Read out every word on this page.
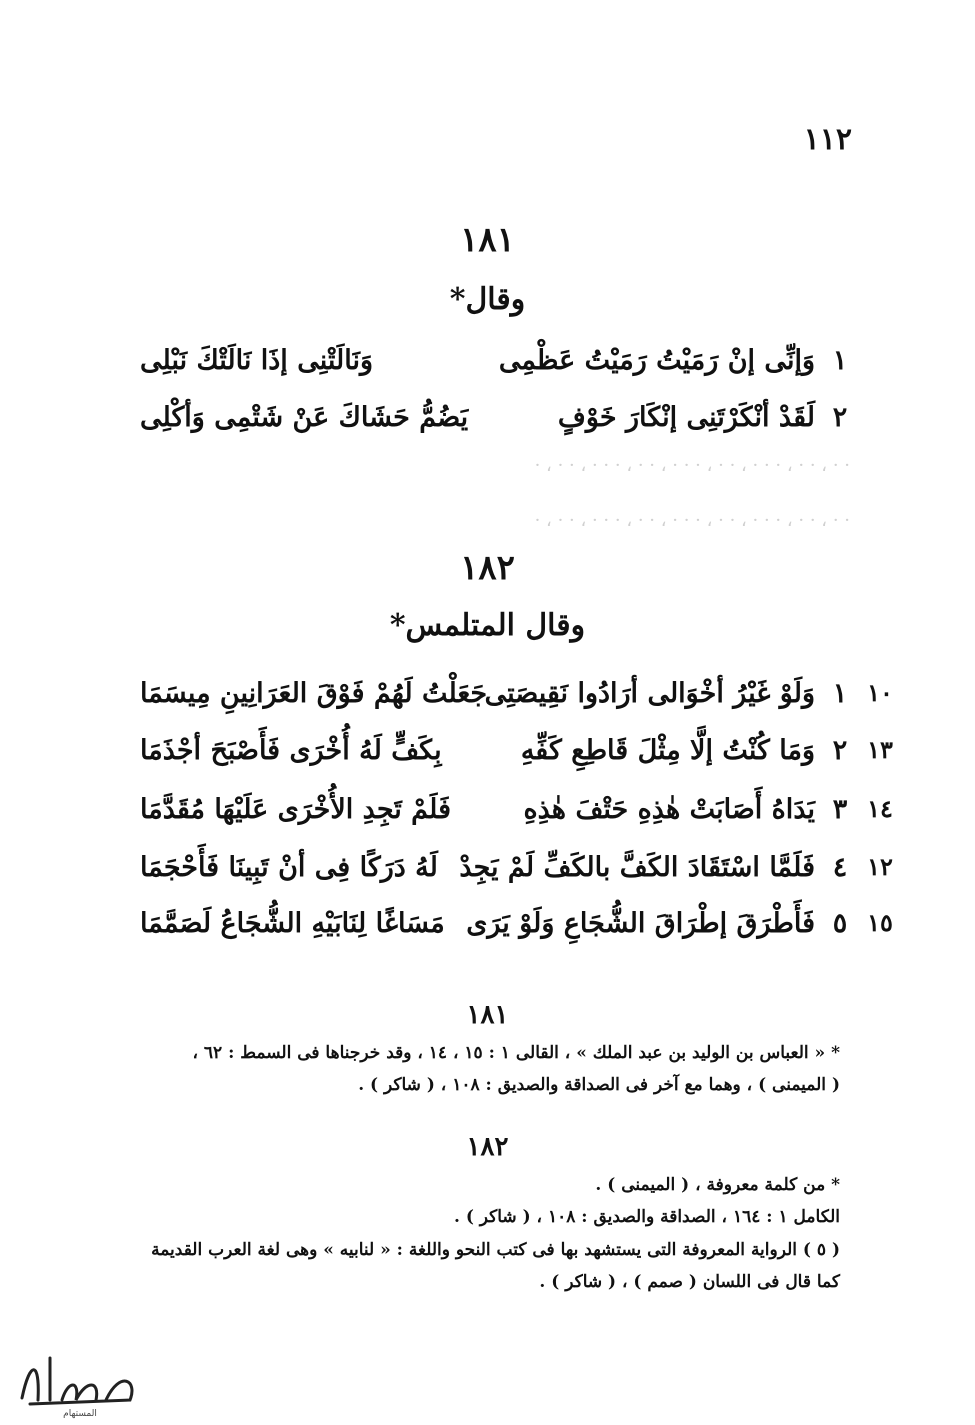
١١٢
١٨١
وقال*
١
وَإنِّى إنْ رَمَيْتُ رَمَيْتُ عَظْمِى
وَنَالَتْنِى إذَا نَالَتْكَ نَبْلِى
٢
لَقَدْ أنْكَرْتَنِى إنْكَارَ خَوْفٍ
يَضُمُّ حَشَاكَ عَنْ شَتْمِى وَأكْلِى
· · ، · · ، · · · ، · · ، · · · ، · · ، · · · ، · · ، ·
· · ، · · ، · · · ، · · ، · · · ، · · ، · · · ، · · ، ·
١٨٢
وقال المتلمس*
١٠
١
وَلَوْ غَيْرُ أخْوَالى أرَادُوا نَقِيصَتِى
جَعَلْتُ لَهُمْ فَوْقَ العَرَانِينِ مِيسَمَا
١٣
٢
وَمَا كُنْتُ إلَّا مِثْلَ قَاطِعِ كَفِّهِ
بِكَفٍّ لَهُ أُخْرَى فَأَصْبَحَ أجْذَمَا
١٤
٣
يَدَاهُ أَصَابَتْ هٰذِهِ حَتْفَ هٰذِهِ
فَلَمْ تَجِدِ الأُخْرَى عَلَيْهَا مُقَدَّمَا
١٢
٤
فَلَمَّا اسْتَقَادَ الكَفَّ بالكَفِّ لَمْ يَجِدْ
لَهُ دَرَكًا فِى أنْ تَبِينَا فَأَحْجَمَا
١٥
٥
فَأَطْرَقَ إطْرَاقَ الشُّجَاعِ وَلَوْ يَرَى
مَسَاغًا لِنَابَيْهِ الشُّجَاعُ لَصَمَّمَا
١٨١
* « العباس بن الوليد بن عبد الملك » ، القالى ١ : ١٥ ، ١٤ ، وقد خرجناها فى السمط : ٦٢ ،
( الميمنى ) ، وهما مع آخر فى الصداقة والصديق : ١٠٨ ، ( شاكر ) .
١٨٢
* من كلمة معروفة ، ( الميمنى ) .
الكامل ١ : ١٦٤ ، الصداقة والصديق : ١٠٨ ، ( شاكر ) .
( ٥ ) الرواية المعروفة التى يستشهد بها فى كتب النحو واللغة : « لنابيه » وهى لغة العرب القديمة
كما قال فى اللسان ( صمم ) ، ( شاكر ) .
المستهام
